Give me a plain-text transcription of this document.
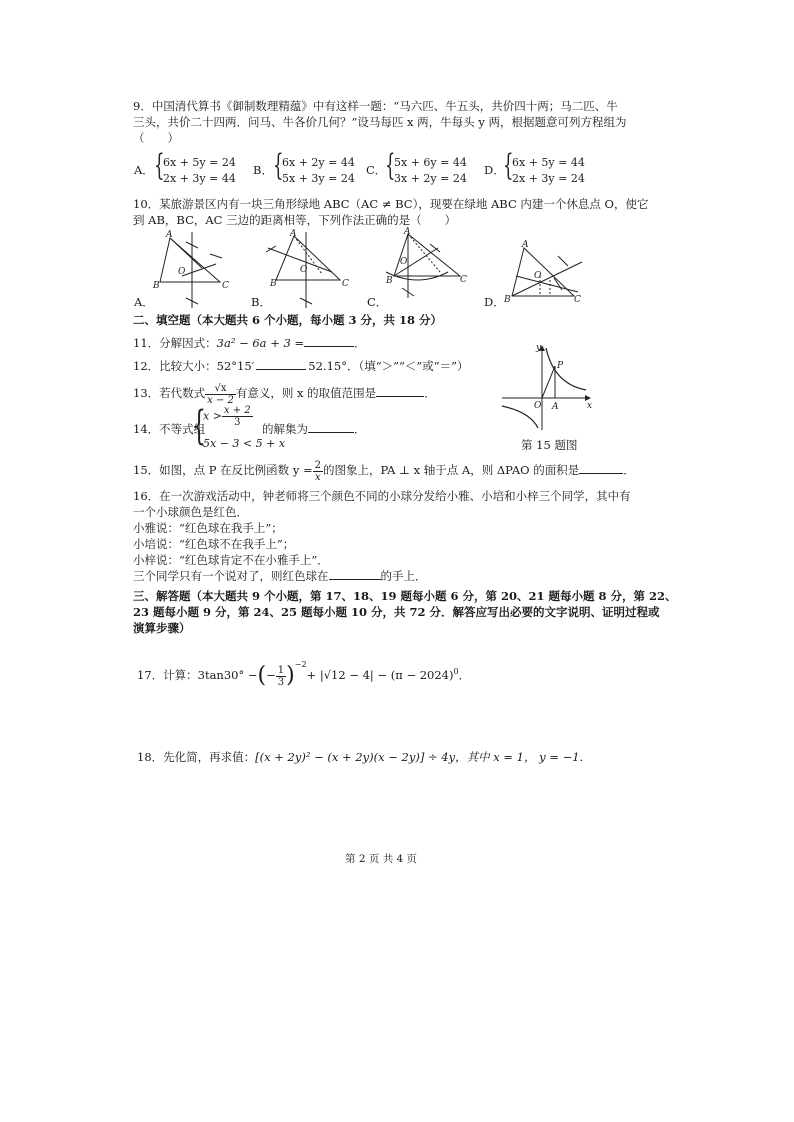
9．中国清代算书《御制数理精蕴》中有这样一题：“马六匹、牛五头，共价四十两；马二匹、牛
三头，共价二十四两．问马、牛各价几何？”设马每匹 x 两，牛每头 y 两，根据题意可列方程组为
（　　）
A． {
6x + 5y = 24
2x + 3y = 44
B． {
6x + 2y = 44
5x + 3y = 24
C．
{
5x + 6y = 44
3x + 2y = 24
D．
{
6x + 5y = 44
2x + 3y = 24
10．某旅游景区内有一块三角形绿地 ABC（AC ≠ BC），现要在绿地 ABC 内建一个休息点 O，使它
到 AB，BC，AC 三边的距离相等，下列作法正确的是（　　）
A
B	C
O
A．
A
B	C
O
B．
A
B	C
O
C．
A
B	C
O
D．
二、填空题（本大题共 6 个小题，每小题 3 分，共 18 分）
11．分解因式：3a² − 6a + 3 =	．
12．比较大小：52°15′	52.15°．（填“＞”“＜”或“＝”）
13．若代数式 $\frac{√x}{x - 2}$ 有意义，则 x 的取值范围是	．
14．不等式组
{
$x > \frac{x + 2}{3}$
5x − 3 < 5 + x
的解集为	．
y
x
O A
P
第 15 题图
15．如图，点 P 在反比例函数 $y = \frac{2}{x}$ 的图象上，PA ⊥ x 轴于点 A，则 ΔPAO 的面积是	．
16．在一次游戏活动中，钟老师将三个颜色不同的小球分发给小雅、小培和小梓三个同学，其中有
一个小球颜色是红色．
小雅说：“红色球在我手上”；
小培说：“红色球不在我手上”；
小梓说：“红色球肯定不在小雅手上”．
三个同学只有一个说对了，则红色球在	的手上．
三、解答题（本大题共 9 个小题，第 17、18、19 题每小题 6 分，第 20、21 题每小题 8 分，第 22、
23 题每小题 9 分，第 24、25 题每小题 10 分，共 72 分．解答应写出必要的文字说明、证明过程或
演算步骤）
17．计算：3tan30° −(− $\frac{1}{3} )^{-2}+ |√12 - 4| - (\pi - 2024)^0$．
18．先化简，再求值：[(x + 2y)² − (x + 2y)(x − 2y)] ÷ 4y，其中 x = 1， y = −1．
第 2 页 共 4 页
